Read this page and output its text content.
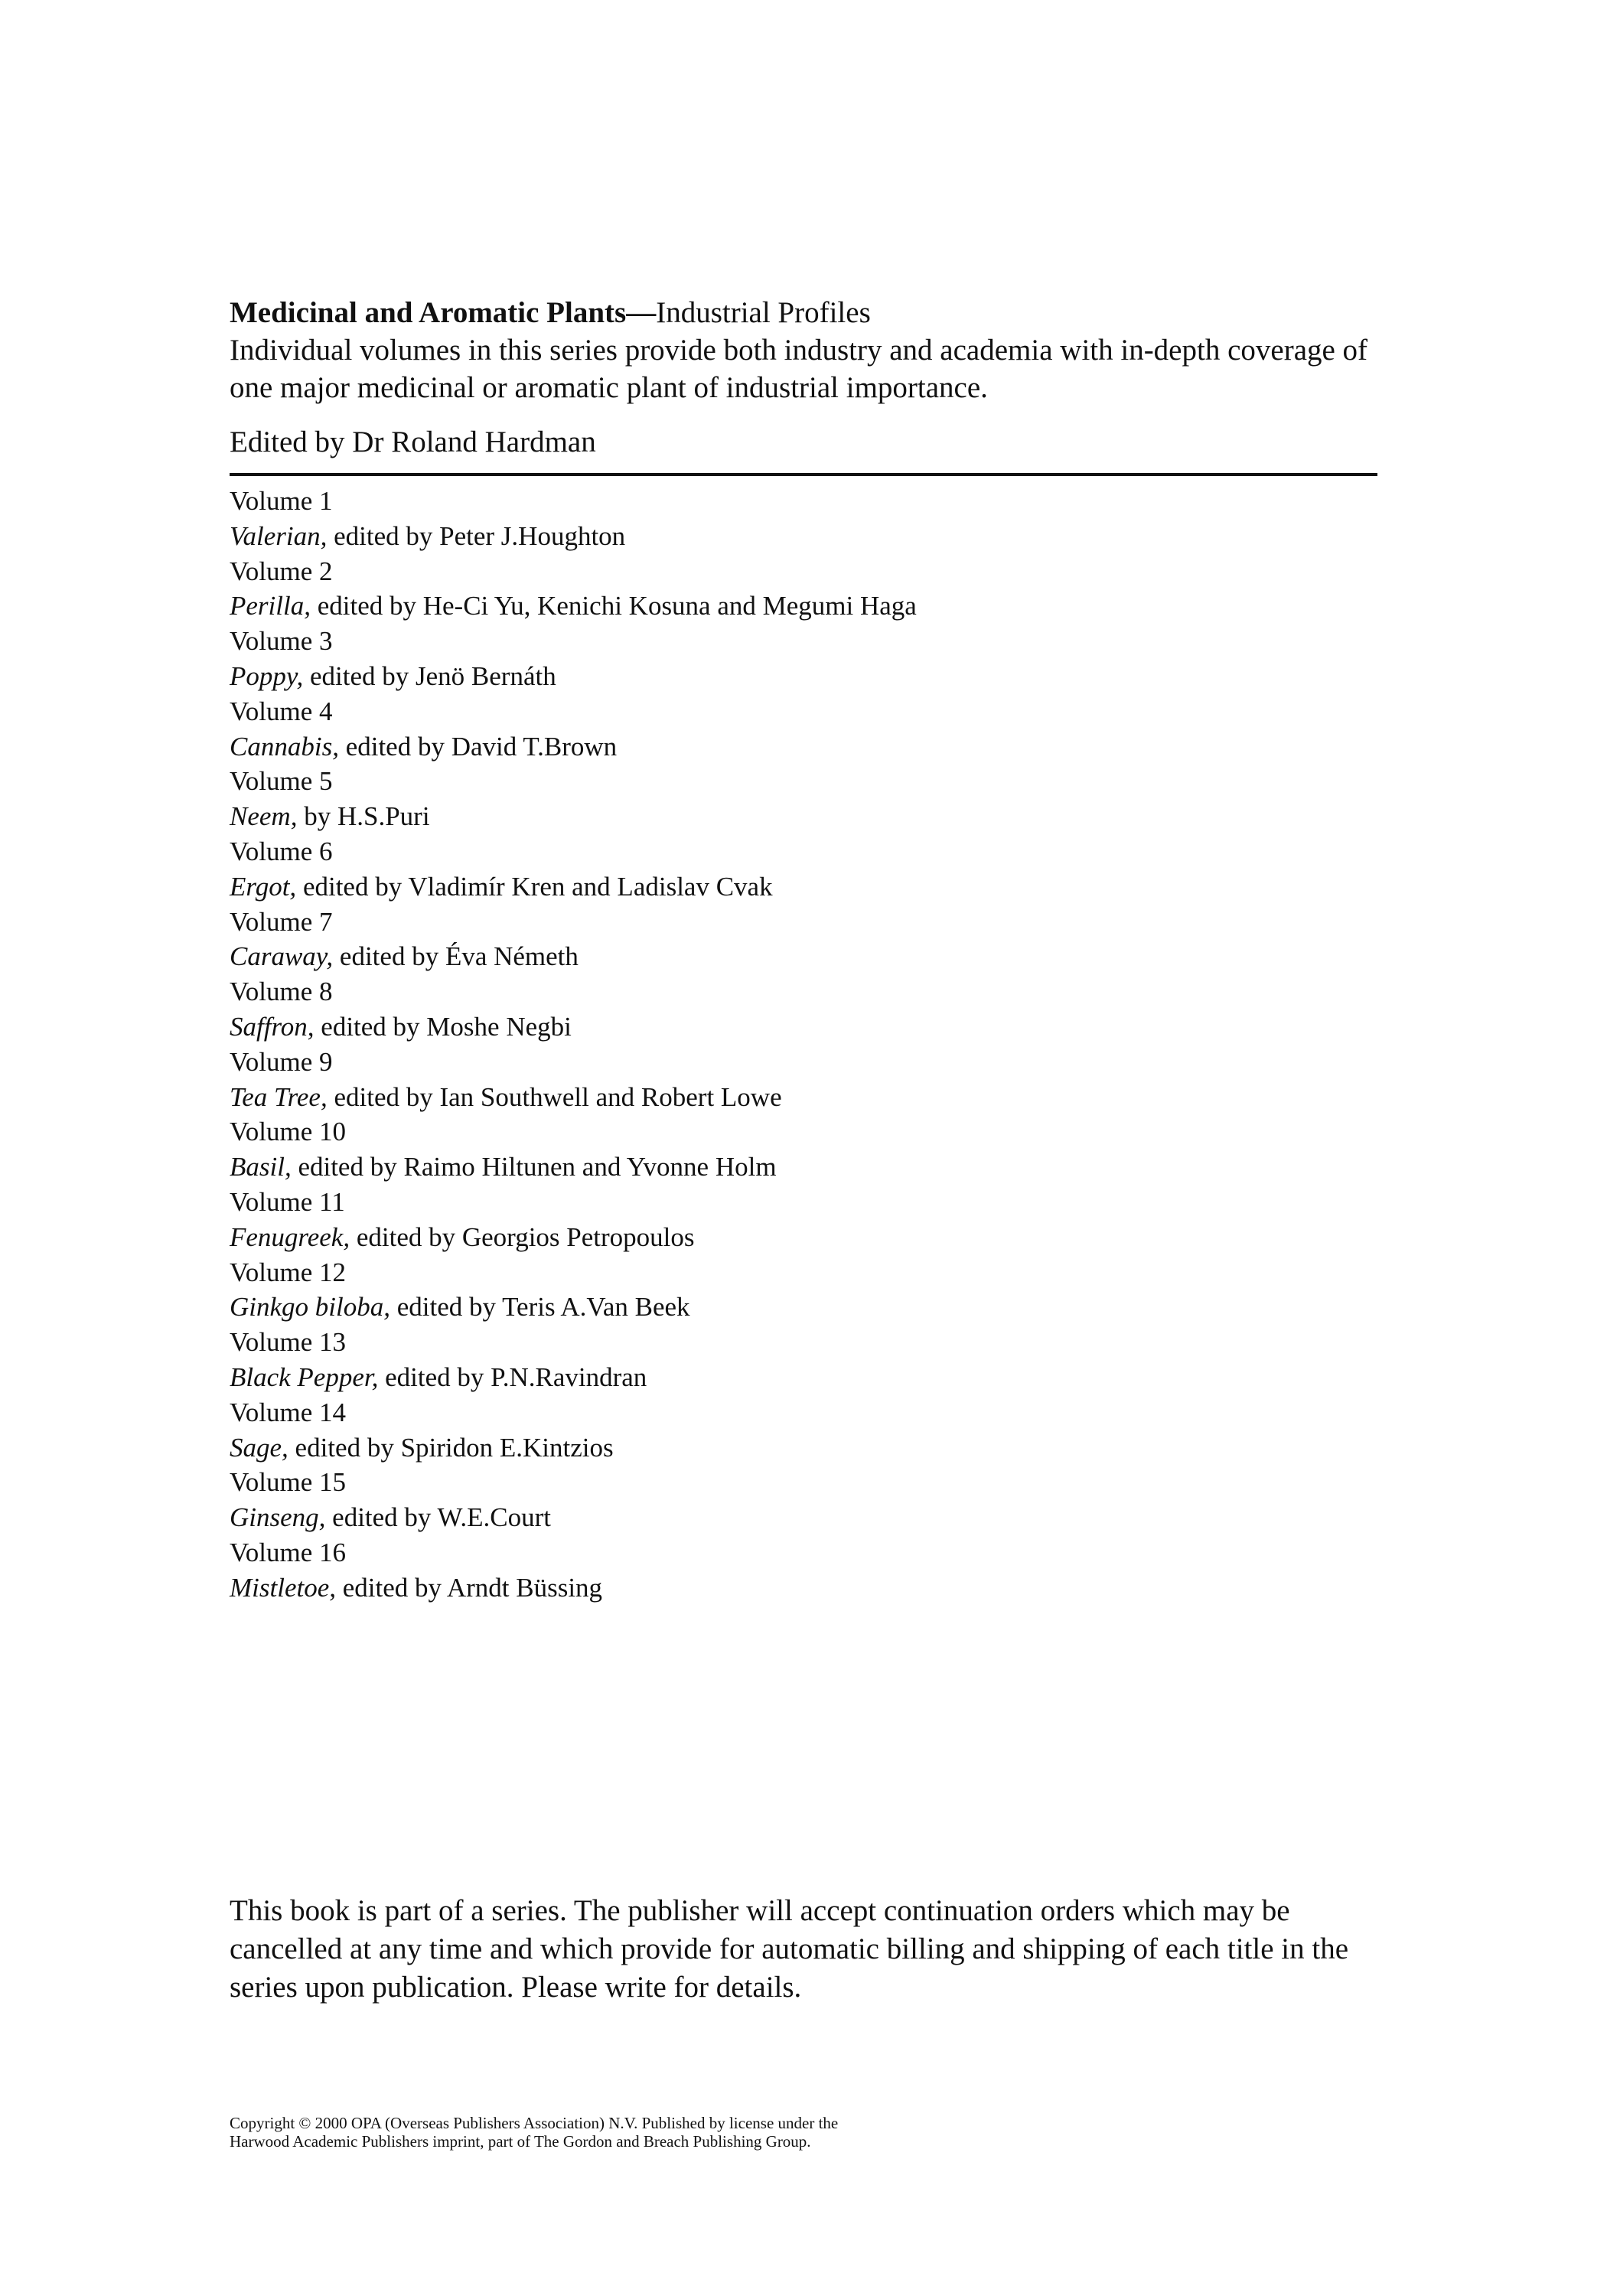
Medicinal and Aromatic Plants—Industrial Profiles

Individual volumes in this series provide both industry and academia with in-depth coverage of one major medicinal or aromatic plant of industrial importance.

Edited by Dr Roland Hardman

Volume 1
Valerian, edited by Peter J.Houghton
Volume 2
Perilla, edited by He-Ci Yu, Kenichi Kosuna and Megumi Haga
Volume 3
Poppy, edited by Jenö Bernáth
Volume 4
Cannabis, edited by David T.Brown
Volume 5
Neem, by H.S.Puri
Volume 6
Ergot, edited by Vladimír Kren and Ladislav Cvak
Volume 7
Caraway, edited by Éva Németh
Volume 8
Saffron, edited by Moshe Negbi
Volume 9
Tea Tree, edited by Ian Southwell and Robert Lowe
Volume 10
Basil, edited by Raimo Hiltunen and Yvonne Holm
Volume 11
Fenugreek, edited by Georgios Petropoulos
Volume 12
Ginkgo biloba, edited by Teris A.Van Beek
Volume 13
Black Pepper, edited by P.N.Ravindran
Volume 14
Sage, edited by Spiridon E.Kintzios
Volume 15
Ginseng, edited by W.E.Court
Volume 16
Mistletoe, edited by Arndt Büssing

This book is part of a series. The publisher will accept continuation orders which may be cancelled at any time and which provide for automatic billing and shipping of each title in the series upon publication. Please write for details.

Copyright © 2000 OPA (Overseas Publishers Association) N.V. Published by license under the
Harwood Academic Publishers imprint, part of The Gordon and Breach Publishing Group.
